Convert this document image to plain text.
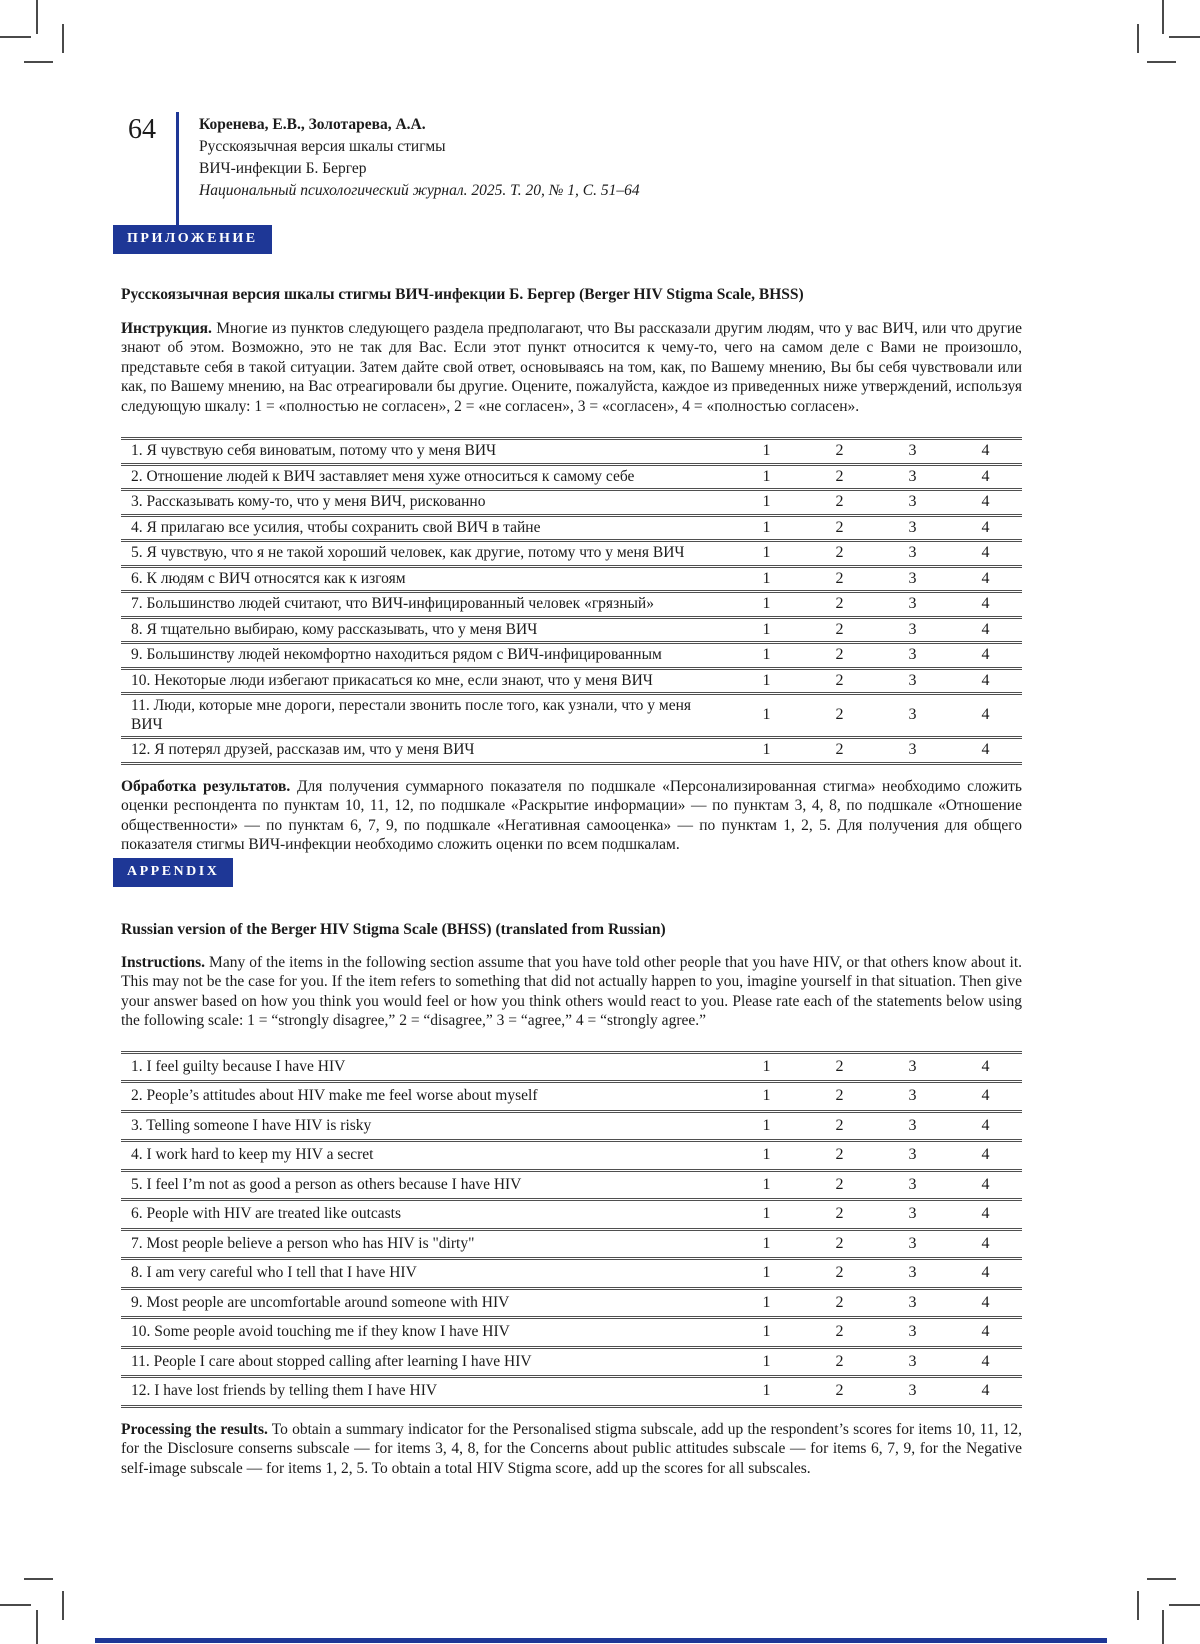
64	Коренева, Е.В., Золотарева, А.А.
Русскоязычная версия шкалы стигмы
ВИЧ-инфекции Б. Бергер
Национальный психологический журнал. 2025. Т. 20, № 1, С. 51–64
ПРИЛОЖЕНИЕ
Русскоязычная версия шкалы стигмы ВИЧ-инфекции Б. Бергер (Berger HIV Stigma Scale, BHSS)

Инструкция. Многие из пунктов следующего раздела предполагают, что Вы рассказали другим людям, что у вас ВИЧ, или что другие знают об этом. Возможно, это не так для Вас. Если этот пункт относится к чему-то, чего на самом деле с Вами не произошло, представьте себя в такой ситуации. Затем дайте свой ответ, основываясь на том, как, по Вашему мнению, Вы бы себя чувствовали или как, по Вашему мнению, на Вас отреагировали бы другие. Оцените, пожалуйста, каждое из приведенных ниже утверждений, используя следующую шкалу: 1 = «полностью не согласен», 2 = «не согласен», 3 = «согласен», 4 = «полностью согласен».

1. Я чувствую себя виноватым, потому что у меня ВИЧ	1	2	3	4
2. Отношение людей к ВИЧ заставляет меня хуже относиться к самому себе	1	2	3	4
3. Рассказывать кому-то, что у меня ВИЧ, рискованно	1	2	3	4
4. Я прилагаю все усилия, чтобы сохранить свой ВИЧ в тайне	1	2	3	4
5. Я чувствую, что я не такой хороший человек, как другие, потому что у меня ВИЧ	1	2	3	4
6. К людям с ВИЧ относятся как к изгоям	1	2	3	4
7. Большинство людей считают, что ВИЧ-инфицированный человек «грязный»	1	2	3	4
8. Я тщательно выбираю, кому рассказывать, что у меня ВИЧ	1	2	3	4
9. Большинству людей некомфортно находиться рядом с ВИЧ-инфицированным	1	2	3	4
10. Некоторые люди избегают прикасаться ко мне, если знают, что у меня ВИЧ	1	2	3	4
11. Люди, которые мне дороги, перестали звонить после того, как узнали, что у меня ВИЧ	1	2	3	4
12. Я потерял друзей, рассказав им, что у меня ВИЧ	1	2	3	4

Обработка результатов. Для получения суммарного показателя по подшкале «Персонализированная стигма» необходимо сложить оценки респондента по пунктам 10, 11, 12, по подшкале «Раскрытие информации» — по пунктам 3, 4, 8, по подшкале «Отношение общественности» — по пунктам 6, 7, 9, по подшкале «Негативная самооценка» — по пунктам 1, 2, 5. Для получения для общего показателя стигмы ВИЧ-инфекции необходимо сложить оценки по всем подшкалам.

APPENDIX
Russian version of the Berger HIV Stigma Scale (BHSS) (translated from Russian)

Instructions. Many of the items in the following section assume that you have told other people that you have HIV, or that others know about it. This may not be the case for you. If the item refers to something that did not actually happen to you, imagine yourself in that situation. Then give your answer based on how you think you would feel or how you think others would react to you. Please rate each of the statements below using the following scale: 1 = “strongly disagree,” 2 = “disagree,” 3 = “agree,” 4 = “strongly agree.”

1. I feel guilty because I have HIV	1	2	3	4
2. People’s attitudes about HIV make me feel worse about myself	1	2	3	4
3. Telling someone I have HIV is risky	1	2	3	4
4. I work hard to keep my HIV a secret	1	2	3	4
5. I feel I’m not as good a person as others because I have HIV	1	2	3	4
6. People with HIV are treated like outcasts	1	2	3	4
7. Most people believe a person who has HIV is "dirty"	1	2	3	4
8. I am very careful who I tell that I have HIV	1	2	3	4
9. Most people are uncomfortable around someone with HIV	1	2	3	4
10. Some people avoid touching me if they know I have HIV	1	2	3	4
11. People I care about stopped calling after learning I have HIV	1	2	3	4
12. I have lost friends by telling them I have HIV	1	2	3	4

Processing the results. To obtain a summary indicator for the Personalised stigma subscale, add up the respondent’s scores for items 10, 11, 12, for the Disclosure conserns subscale — for items 3, 4, 8, for the Concerns about public attitudes subscale — for items 6, 7, 9, for the Negative self-image subscale — for items 1, 2, 5. To obtain a total HIV Stigma score, add up the scores for all subscales.
